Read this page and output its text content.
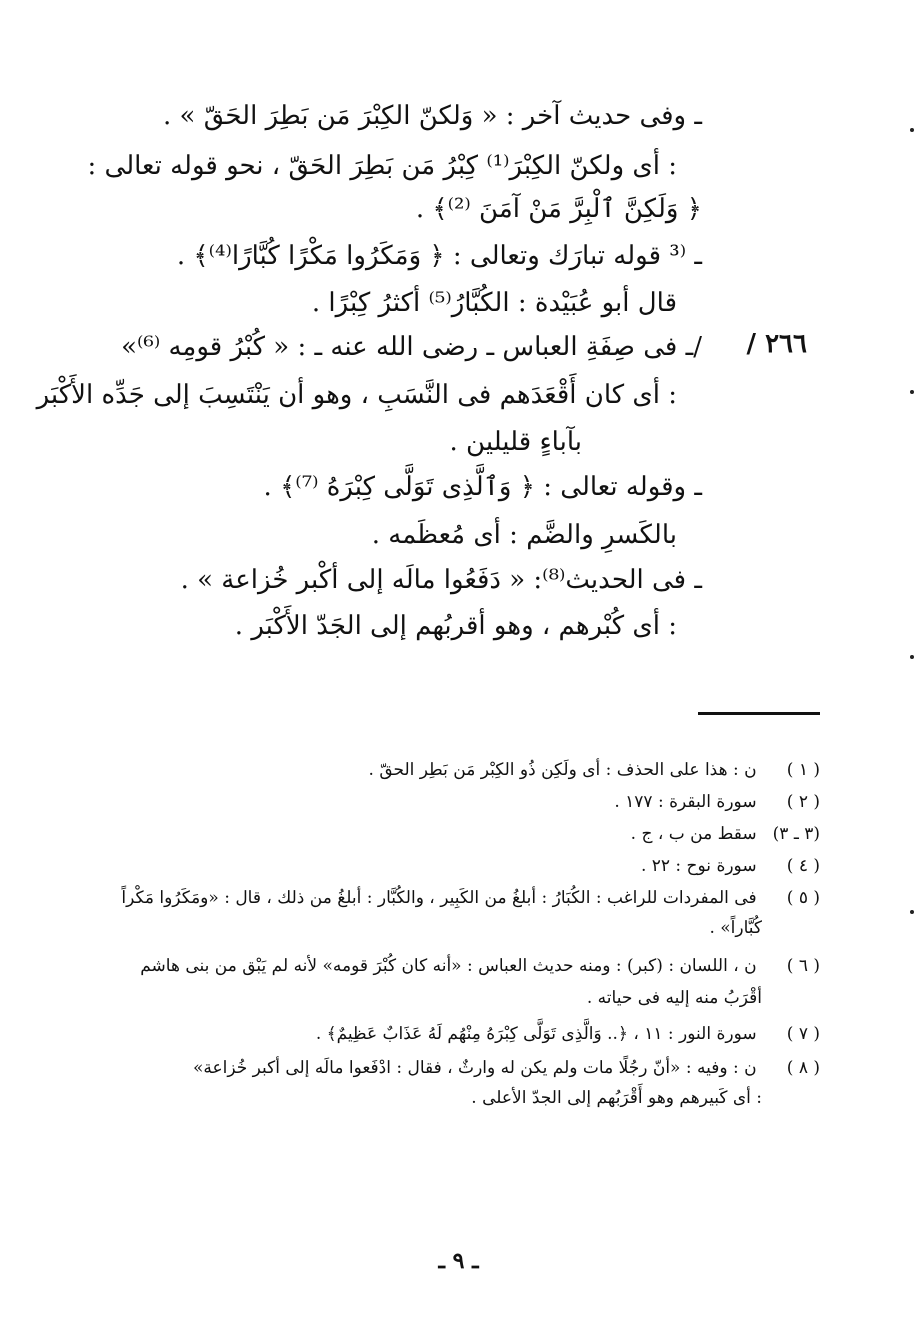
ـ وفى حديث آخر : « وَلكنّ الكِبْرَ مَن بَطِرَ الحَقّ » .
: أى ولكنّ الكِبْرَ⁽¹⁾ كِبْرُ مَن بَطِرَ الحَقّ ، نحو قوله تعالى :
﴿ وَلَكِنَّ ٱلْبِرَّ مَنْ آمَنَ ⁽²⁾﴾ .
ـ ⁽³ قوله تبارَك وتعالى : ﴿ وَمَكَرُوا مَكْرًا كُبَّارًا⁽⁴⁾﴾ .
قال أبو عُبَيْدة : الكُبَّارُ⁽⁵⁾ أكثرُ كِبْرًا .
٢٦٦ /
/ـ فى صِفَةِ العباس ـ رضى الله عنه ـ : « كُبْرُ قومِه ⁽⁶⁾»
: أى كان أَقْعَدَهم فى النَّسَبِ ، وهو أن يَنْتَسِبَ إلى جَدِّه الأَكْبَر
بآباءٍ قليلين .
ـ وقوله تعالى : ﴿ وَٱلَّذِى تَوَلَّى كِبْرَهُ ⁽⁷⁾﴾ .
بالكَسرِ والضَّم : أى مُعظَمه .
ـ فى الحديث⁽⁸⁾: « دَفَعُوا مالَه إلى أكْبر خُزاعة » .
: أى كُبْرهم ، وهو أقربُهم إلى الجَدّ الأَكْبَر .
( ١ ) ن : هذا على الحذف : أى ولَكِن ذُو الكِبْر مَن بَطِر الحقّ .
( ٢ ) سورة البقرة : ١٧٧ .
(٣ ـ ٣) سقط من ب ، ج .
( ٤ ) سورة نوح : ٢٢ .
( ٥ ) فى المفردات للراغب : الكُبَارُ : أبلغُ من الكَبِير ، والكُبَّار : أبلغُ من ذلك ، قال : «ومَكَرُوا مَكْراً
كُبَّاراً» .
( ٦ ) ن ، اللسان : (كبر) : ومنه حديث العباس : «أنه كان كُبْرَ قومه» لأنه لم يَبْق من بنى هاشم
أقْرَبُ منه إليه فى حياته .
( ٧ ) سورة النور : ١١ ، ﴿.. وَالَّذِى تَوَلَّى كِبْرَهُ مِنْهُم لَهُ عَذَابٌ عَظِيمٌ﴾ .
( ٨ ) ن : وفيه : «أنّ رجُلًا مات ولم يكن له وارثٌ ، فقال : ادْفَعوا مالَه إلى أكبر خُزاعة»
: أى كَبيرهم وهو أَقْرَبُهم إلى الجدّ الأعلى .
ـ ٩ ـ
